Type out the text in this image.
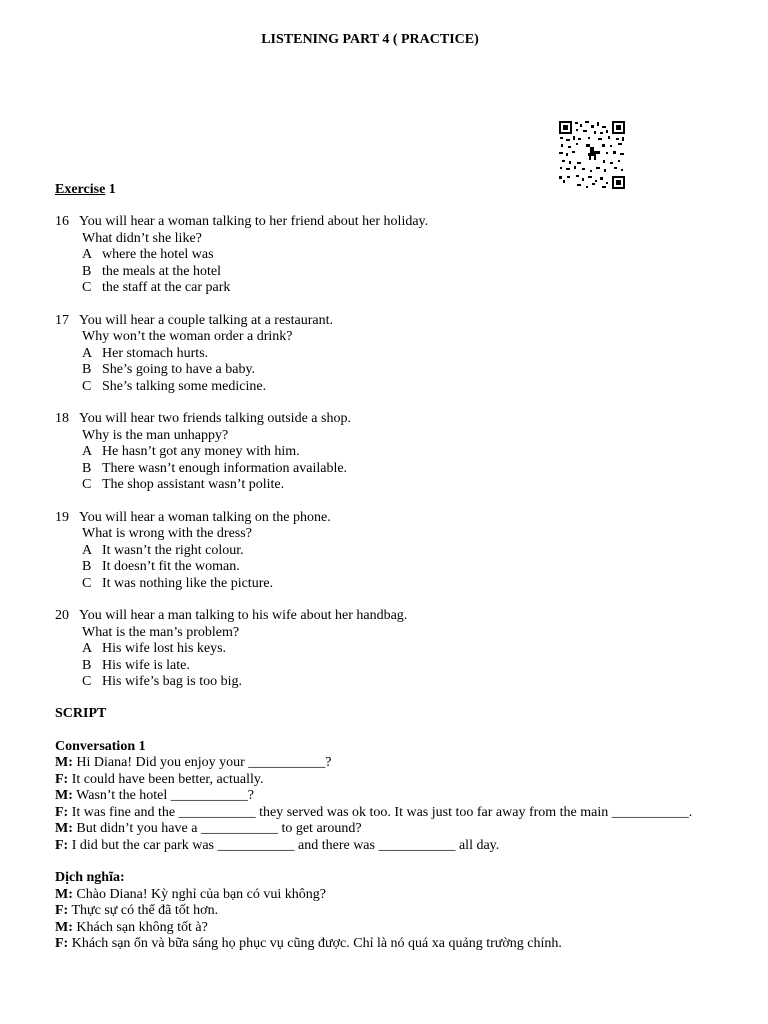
LISTENING PART 4 ( PRACTICE)
Exercise 1
16 You will hear a woman talking to her friend about her holiday.
What didn’t she like?
A where the hotel was
B the meals at the hotel
C the staff at the car park
17 You will hear a couple talking at a restaurant.
Why won’t the woman order a drink?
A Her stomach hurts.
B She’s going to have a baby.
C She’s talking some medicine.
18 You will hear two friends talking outside a shop.
Why is the man unhappy?
A He hasn’t got any money with him.
B There wasn’t enough information available.
C The shop assistant wasn’t polite.
19 You will hear a woman talking on the phone.
What is wrong with the dress?
A It wasn’t the right colour.
B It doesn’t fit the woman.
C It was nothing like the picture.
20 You will hear a man talking to his wife about her handbag.
What is the man’s problem?
A His wife lost his keys.
B His wife is late.
C His wife’s bag is too big.
SCRIPT
Conversation 1
M: Hi Diana! Did you enjoy your ___________?
F: It could have been better, actually.
M: Wasn’t the hotel ___________?
F: It was fine and the ___________ they served was ok too. It was just too far away from the main ___________.
M: But didn’t you have a ___________ to get around?
F: I did but the car park was ___________ and there was ___________ all day.
Dịch nghĩa:
M: Chào Diana! Kỳ nghỉ của bạn có vui không?
F: Thực sự có thể đã tốt hơn.
M: Khách sạn không tốt à?
F: Khách sạn ổn và bữa sáng họ phục vụ cũng được. Chỉ là nó quá xa quảng trường chính.
